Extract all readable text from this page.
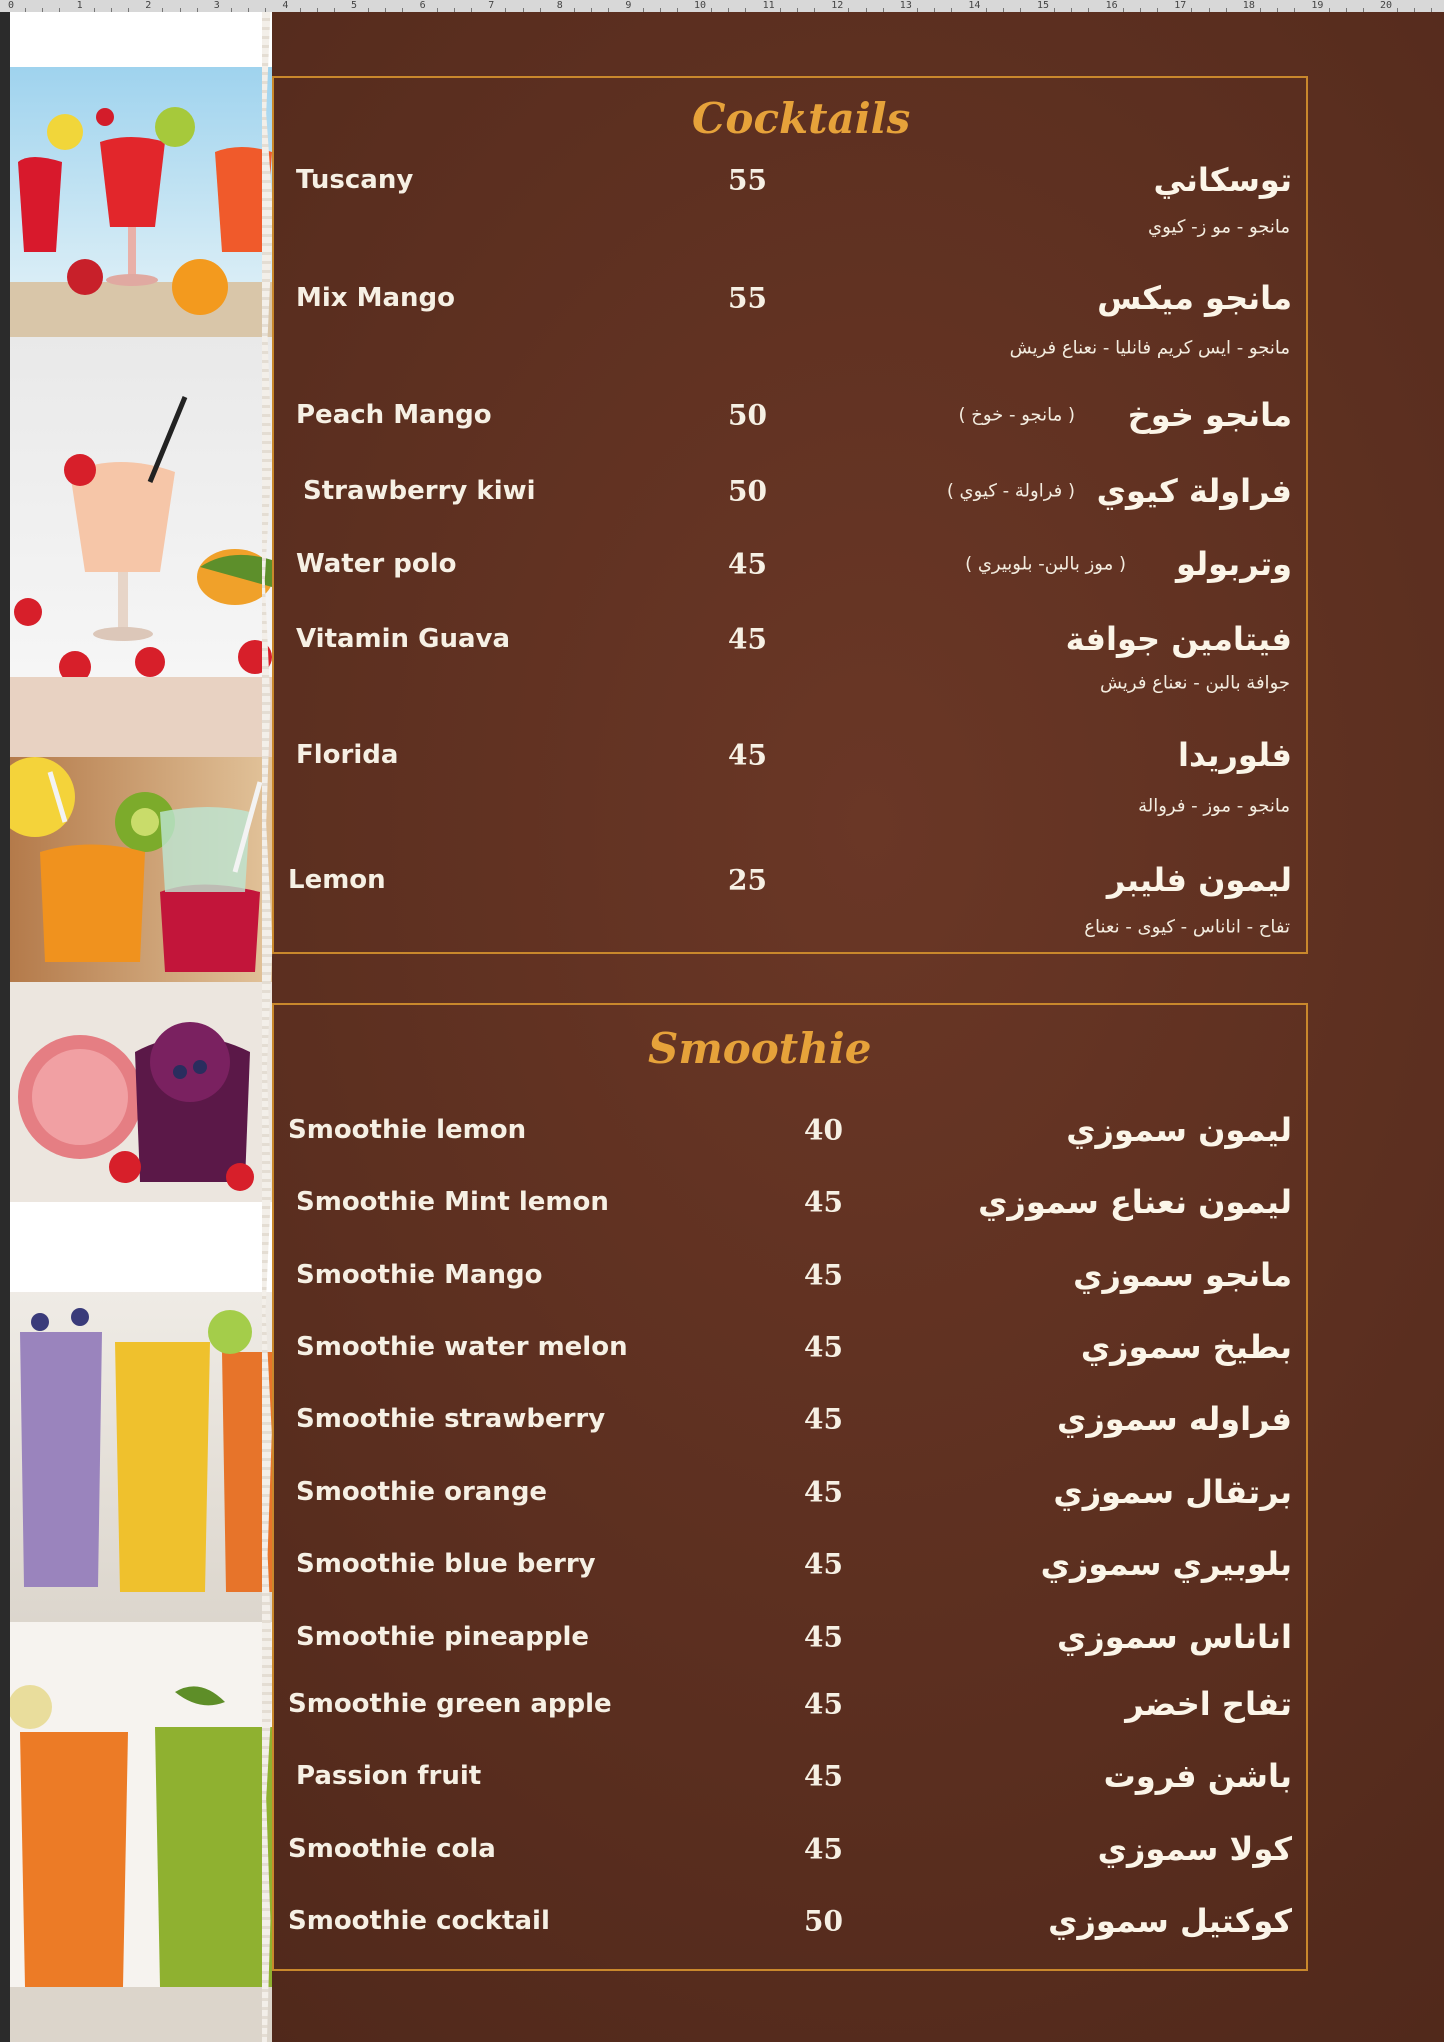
0	1	2	3	4	5	6	7	8	9	10	11	12	13	14	15	16	17	18	19	20
Cocktails
Tuscany	55	توسكاني
مانجو - مو ز- كيوي
Mix Mango	55	مانجو ميكس
مانجو - ايس كريم فانليا - نعناع فريش
Peach Mango	50	مانجو خوخ
( مانجو - خوخ )
Strawberry kiwi	50	فراولة كيوي
( فراولة - كيوي )
Water polo	45	وتربولو
( موز بالبن- بلوبيري )
Vitamin Guava	45	فيتامين جوافة
جوافة بالبن - نعناع فريش
Florida	45	فلوريدا
مانجو - موز - فروالة
Lemon	25	ليمون فليبر
تفاح - اناناس - كيوى - نعناع
Smoothie
Smoothie lemon	40	ليمون سموزي
Smoothie Mint lemon	45	ليمون نعناع سموزي
Smoothie Mango	45	مانجو سموزي
Smoothie water melon	45	بطيخ سموزي
Smoothie strawberry	45	فراوله سموزي
Smoothie orange	45	برتقال سموزي
Smoothie blue berry	45	بلوبيري سموزي
Smoothie pineapple	45	اناناس سموزي
Smoothie green apple	45	تفاح اخضر
Passion fruit	45	باشن فروت
Smoothie cola	45	كولا سموزي
Smoothie cocktail	50	كوكتيل سموزي
